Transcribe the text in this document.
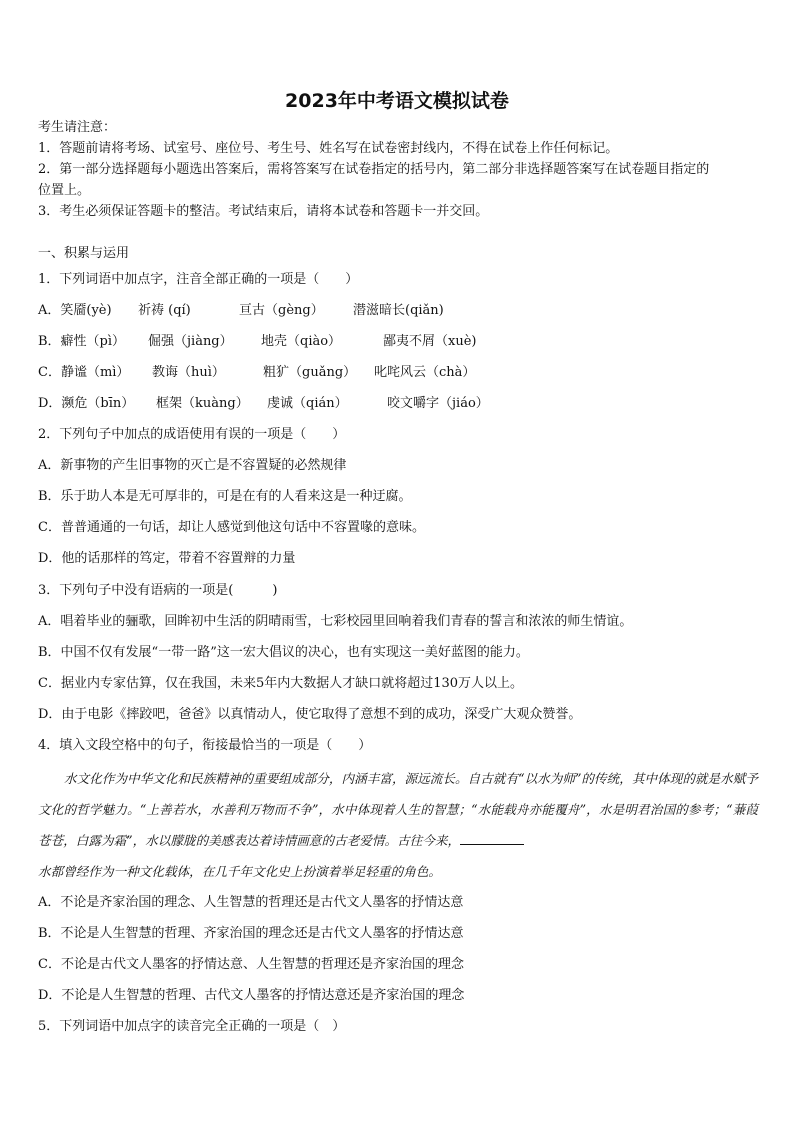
2023年中考语文模拟试卷
考生请注意：
1．答题前请将考场、试室号、座位号、考生号、姓名写在试卷密封线内，不得在试卷上作任何标记。
2．第一部分选择题每小题选出答案后，需将答案写在试卷指定的括号内，第二部分非选择题答案写在试卷题目指定的
位置上。
3．考生必须保证答题卡的整洁。考试结束后，请将本试卷和答题卡一并交回。
一、积累与运用
1．下列词语中加点字，注音全部正确的一项是（　　）
A．笑靥(yè) 祈祷 (qí)	亘古（gèng） 潜滋暗长(qiǎn)
B．癖性（pì） 倔强（jiàng） 地壳（qiào）	鄙夷不屑（xuè)
C．静谧（mì） 教诲（huì）	粗犷（guǎng） 叱咤风云（chà）
D．濒危（bīn） 框架（kuàng） 虔诚（qián）	咬文嚼字（jiáo）
2．下列句子中加点的成语使用有误的一项是（　　）
A．新事物的产生旧事物的灭亡是不容置疑的必然规律
B．乐于助人本是无可厚非的，可是在有的人看来这是一种迂腐。
C．普普通通的一句话，却让人感觉到他这句话中不容置喙的意味。
D．他的话那样的笃定，带着不容置辩的力量
3．下列句子中没有语病的一项是(　　　)
A．唱着毕业的骊歌，回眸初中生活的阴晴雨雪，七彩校园里回响着我们青春的誓言和浓浓的师生情谊。
B．中国不仅有发展“一带一路”这一宏大倡议的决心，也有实现这一美好蓝图的能力。
C．据业内专家估算，仅在我国，未来5年内大数据人才缺口就将超过130万人以上。
D．由于电影《摔跤吧，爸爸》以真情动人，使它取得了意想不到的成功，深受广大观众赞誉。
4．填入文段空格中的句子，衔接最恰当的一项是（　　）
水文化作为中华文化和民族精神的重要组成部分，内涵丰富，源远流长。自古就有“以水为师”的传统，其中体现的就是水赋予文化的哲学魅力。“上善若水，水善利万物而不争”，水中体现着人生的智慧；“水能载舟亦能覆舟”，水是明君治国的参考；“蒹葭苍苍，白露为霜”，水以朦胧的美感表达着诗情画意的古老爱情。古往今来，
水都曾经作为一种文化载体，在几千年文化史上扮演着举足轻重的角色。
A．不论是齐家治国的理念、人生智慧的哲理还是古代文人墨客的抒情达意
B．不论是人生智慧的哲理、齐家治国的理念还是古代文人墨客的抒情达意
C．不论是古代文人墨客的抒情达意、人生智慧的哲理还是齐家治国的理念
D．不论是人生智慧的哲理、古代文人墨客的抒情达意还是齐家治国的理念
5．下列词语中加点字的读音完全正确的一项是（　）
